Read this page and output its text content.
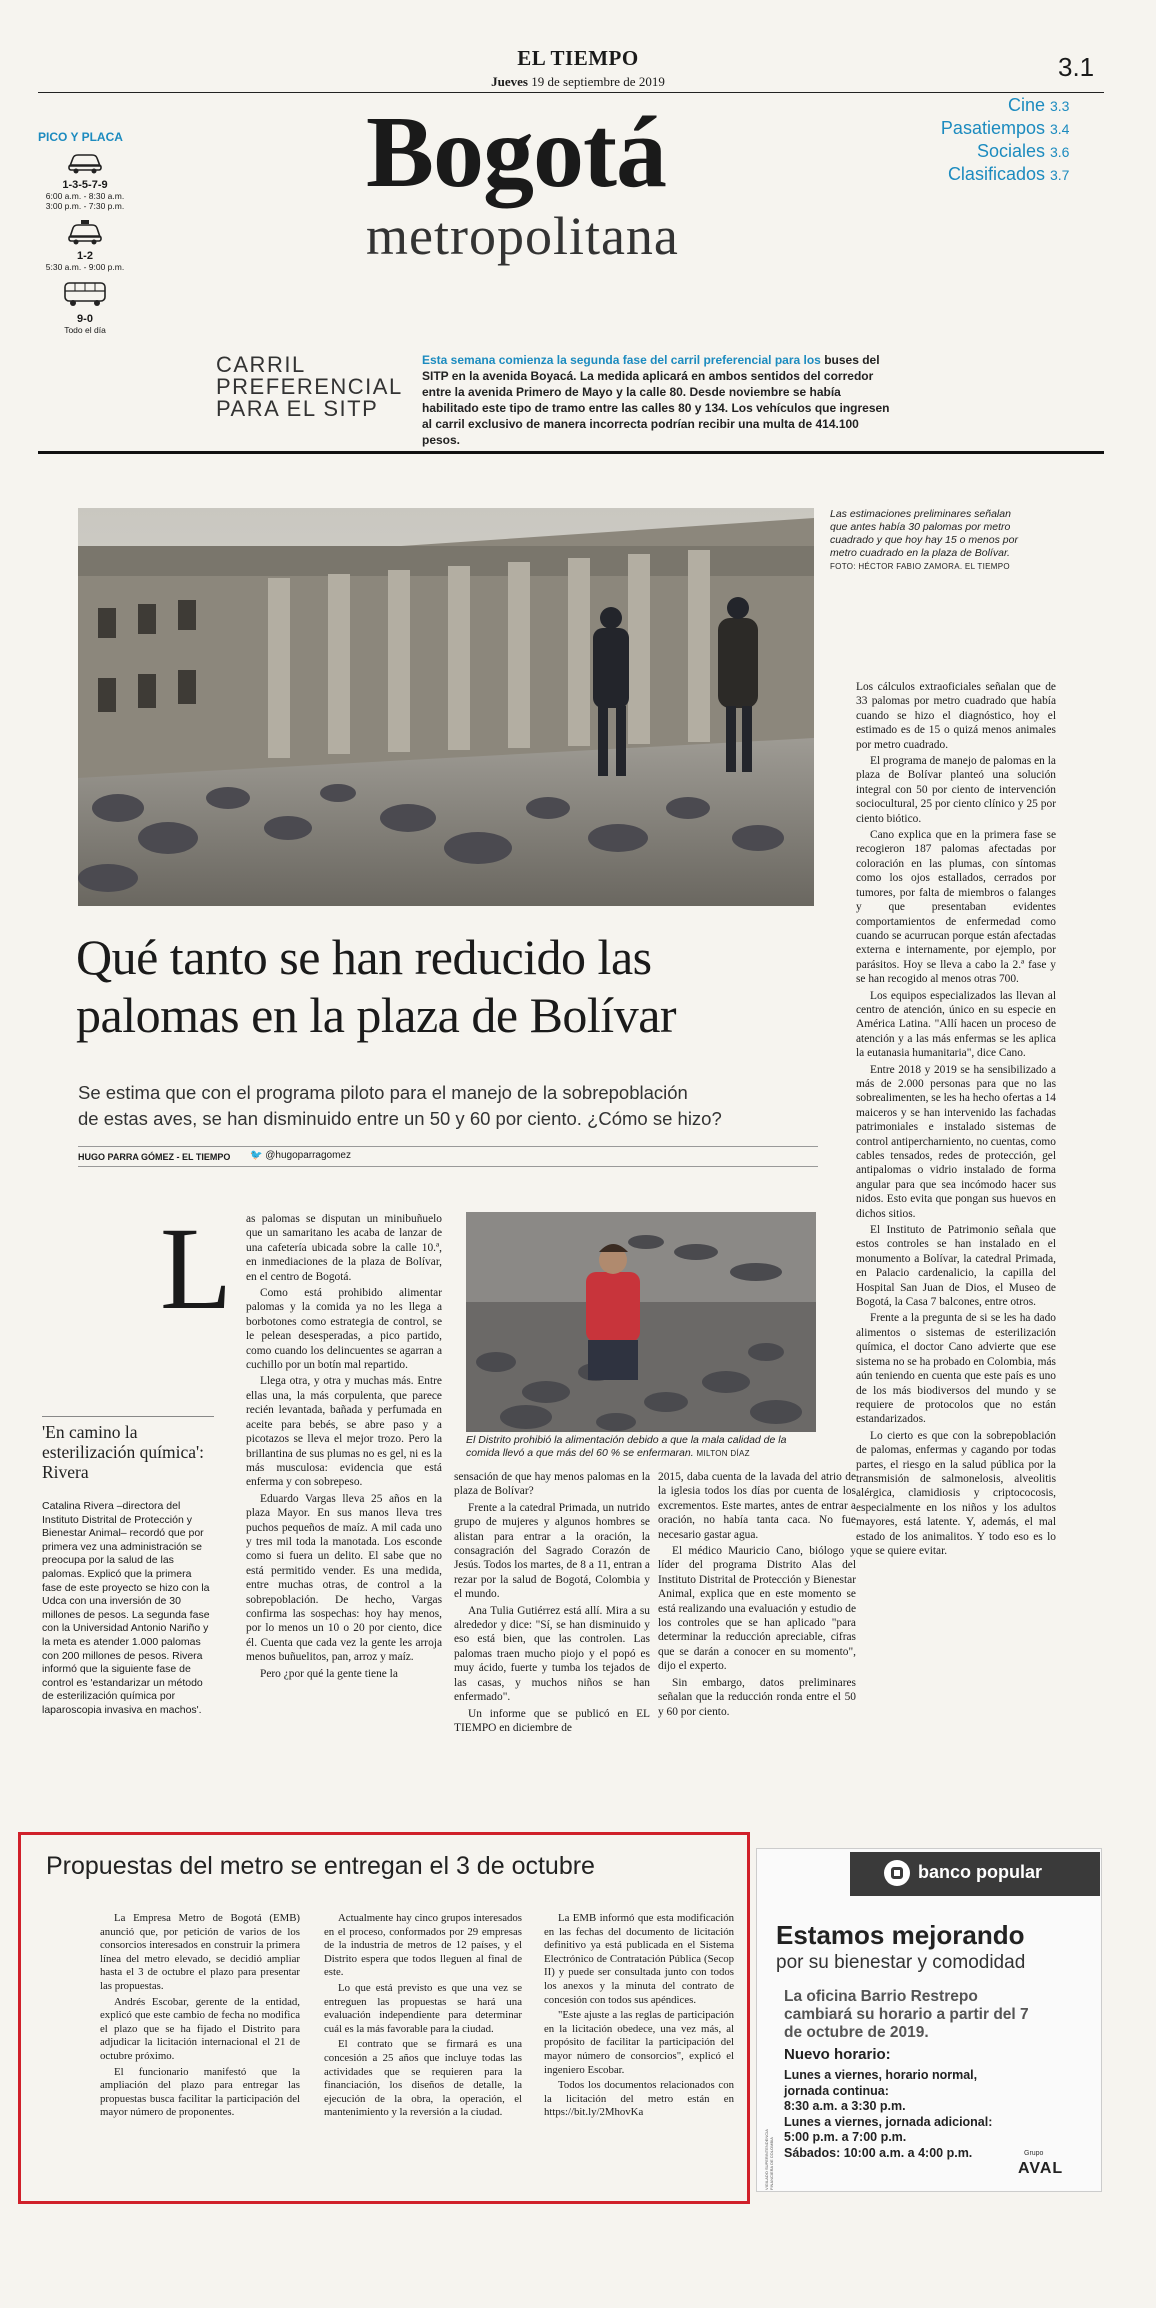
EL TIEMPO
Jueves 19 de septiembre de 2019	3.1
Bogotá
metropolitana
Cine 3.3
Pasatiempos 3.4
Sociales 3.6
Clasificados 3.7
PICO Y PLACA
1-3-5-7-9
6:00 a.m. - 8:30 a.m.
3:00 p.m. - 7:30 p.m.
1-2
5:30 a.m. - 9:00 p.m.
9-0
Todo el día
CARRIL
PREFERENCIAL
PARA EL SITP
Esta semana comienza la segunda fase del carril preferencial para los buses del SITP en la avenida Boyacá. La medida aplicará en ambos sentidos del corredor entre la avenida Primero de Mayo y la calle 80. Desde noviembre se había habilitado este tipo de tramo entre las calles 80 y 134. Los vehículos que ingresen al carril exclusivo de manera incorrecta podrían recibir una multa de 414.100 pesos.
Las estimaciones preliminares señalan que antes había 30 palomas por metro cuadrado y que hoy hay 15 o menos por metro cuadrado en la plaza de Bolívar. FOTO: HÉCTOR FABIO ZAMORA. EL TIEMPO
Qué tanto se han reducido las
palomas en la plaza de Bolívar
Se estima que con el programa piloto para el manejo de la sobrepoblación
de estas aves, se han disminuido entre un 50 y 60 por ciento. ¿Cómo se hizo?
HUGO PARRA GÓMEZ - EL TIEMPO 🐦 @hugoparragomez
L as palomas se disputan un minibuñuelo que un samaritano les acaba de lanzar de una cafetería ubicada sobre la calle 10.ª, en inmediaciones de la plaza de Bolívar, en el centro de Bogotá.

Como está prohibido alimentar palomas y la comida ya no les llega a borbotones como estrategia de control, se le pelean desesperadas, a pico partido, como cuando los delincuentes se agarran a cuchillo por un botín mal repartido.

Llega otra, y otra y muchas más. Entre ellas una, la más corpulenta, que parece recién levantada, bañada y perfumada en aceite para bebés, se abre paso y a picotazos se lleva el mejor trozo. Pero la brillantina de sus plumas no es gel, ni es la más musculosa: evidencia que está enferma y con sobrepeso.

Eduardo Vargas lleva 25 años en la plaza Mayor. En sus manos lleva tres puchos pequeños de maíz. A mil cada uno y tres mil toda la manotada. Los esconde como si fuera un delito. El sabe que no está permitido vender. Es una medida, entre muchas otras, de control a la sobrepoblación. De hecho, Vargas confirma las sospechas: hoy hay menos, por lo menos un 10 o 20 por ciento, dice él. Cuenta que cada vez la gente les arroja menos buñuelitos, pan, arroz y maíz.

Pero ¿por qué la gente tiene la

'En camino la esterilización química': Rivera
Catalina Rivera –directora del Instituto Distrital de Protección y Bienestar Animal– recordó que por primera vez una administración se preocupa por la salud de las palomas. Explicó que la primera fase de este proyecto se hizo con la Udca con una inversión de 30 millones de pesos. La segunda fase con la Universidad Antonio Nariño y la meta es atender 1.000 palomas con 200 millones de pesos. Rivera informó que la siguiente fase de control es 'estandarizar un método de esterilización química por laparoscopia invasiva en machos'.
El Distrito prohibió la alimentación debido a que la mala calidad de la comida llevó a que más del 60 % se enfermaran. MILTON DÍAZ

sensación de que hay menos palomas en la plaza de Bolívar?

Frente a la catedral Primada, un nutrido grupo de mujeres y algunos hombres se alistan para entrar a la oración, la consagración del Sagrado Corazón de Jesús. Todos los martes, de 8 a 11, entran a rezar por la salud de Bogotá, Colombia y el mundo.

Ana Tulia Gutiérrez está allí. Mira a su alrededor y dice: "Sí, se han disminuido y eso está bien, que las controlen. Las palomas traen mucho piojo y el popó es muy ácido, fuerte y tumba los tejados de las casas, y muchos niños se han enfermado".

Un informe que se publicó en EL TIEMPO en diciembre de

2015, daba cuenta de la lavada del atrio de la iglesia todos los días por cuenta de los excrementos. Este martes, antes de entrar a oración, no había tanta caca. No fue necesario gastar agua.

El médico Mauricio Cano, biólogo y líder del programa Distrito Alas del Instituto Distrital de Protección y Bienestar Animal, explica que en este momento se está realizando una evaluación y estudio de los controles que se han aplicado "para determinar la reducción apreciable, cifras que se darán a conocer en su momento", dijo el experto.

Sin embargo, datos preliminares señalan que la reducción ronda entre el 50 y 60 por ciento.

Los cálculos extraoficiales señalan que de 33 palomas por metro cuadrado que había cuando se hizo el diagnóstico, hoy el estimado es de 15 o quizá menos animales por metro cuadrado.

El programa de manejo de palomas en la plaza de Bolívar planteó una solución integral con 50 por ciento de intervención sociocultural, 25 por ciento clínico y 25 por ciento biótico.

Cano explica que en la primera fase se recogieron 187 palomas afectadas por coloración en las plumas, con síntomas como los ojos estallados, cerrados por tumores, por falta de miembros o falanges y que presentaban evidentes comportamientos de enfermedad como cuando se acurrucan porque están afectadas externa e internamente, por ejemplo, por parásitos. Hoy se lleva a cabo la 2.ª fase y se han recogido al menos otras 700.

Los equipos especializados las llevan al centro de atención, único en su especie en América Latina. "Allí hacen un proceso de atención y a las más enfermas se les aplica la eutanasia humanitaria", dice Cano.

Entre 2018 y 2019 se ha sensibilizado a más de 2.000 personas para que no las sobrealimenten, se les ha hecho ofertas a 14 maiceros y se han intervenido las fachadas patrimoniales e instalado sistemas de control antipercharniento, no cuentas, como cables tensados, redes de protección, gel antipalomas o vidrio instalado de forma angular para que sea incómodo hacer sus nidos. Esto evita que pongan sus huevos en dichos sitios.

El Instituto de Patrimonio señala que estos controles se han instalado en el monumento a Bolívar, la catedral Primada, en Palacio cardenalicio, la capilla del Hospital San Juan de Dios, el Museo de Bogotá, la Casa 7 balcones, entre otros.

Frente a la pregunta de si se les ha dado alimentos o sistemas de esterilización química, el doctor Cano advierte que ese sistema no se ha probado en Colombia, más aún teniendo en cuenta que este país es uno de los más biodiversos del mundo y se requiere de protocolos que no están estandarizados.

Lo cierto es que con la sobrepoblación de palomas, enfermas y cagando por todas partes, el riesgo en la salud pública por la transmisión de salmonelosis, alveolitis alérgica, clamidiosis y criptococosis, especialmente en los niños y los adultos mayores, está latente. Y, además, el mal estado de los animalitos. Y todo eso es lo que se quiere evitar.

Propuestas del metro se entregan el 3 de octubre

La Empresa Metro de Bogotá (EMB) anunció que, por petición de varios de los consorcios interesados en construir la primera línea del metro elevado, se decidió ampliar hasta el 3 de octubre el plazo para presentar las propuestas.

Andrés Escobar, gerente de la entidad, explicó que este cambio de fecha no modifica el plazo que se ha fijado el Distrito para adjudicar la licitación internacional el 21 de octubre próximo.

El funcionario manifestó que la ampliación del plazo para entregar las propuestas busca facilitar la participación del mayor número de proponentes.

Actualmente hay cinco grupos interesados en el proceso, conformados por 29 empresas de la industria de metros de 12 países, y el Distrito espera que todos lleguen al final de este.

Lo que está previsto es que una vez se entreguen las propuestas se hará una evaluación independiente para determinar cuál es la más favorable para la ciudad.

El contrato que se firmará es una concesión a 25 años que incluye todas las actividades que se requieren para la financiación, los diseños de detalle, la ejecución de la obra, la operación, el mantenimiento y la reversión a la ciudad.

La EMB informó que esta modificación en las fechas del documento de licitación definitivo ya está publicada en el Sistema Electrónico de Contratación Pública (Secop II) y puede ser consultada junto con todos los anexos y la minuta del contrato de concesión con todos sus apéndices.

"Este ajuste a las reglas de participación en la licitación obedece, una vez más, al propósito de facilitar la participación del mayor número de consorcios", explicó el ingeniero Escobar.

Todos los documentos relacionados con la licitación del metro están en https://bit.ly/2MhovKa

banco popular
Estamos mejorando
por su bienestar y comodidad
La oficina Barrio Restrepo
cambiará su horario a partir del 7
de octubre de 2019.
Nuevo horario:
Lunes a viernes, horario normal,
jornada continua:
8:30 a.m. a 3:30 p.m.
Lunes a viernes, jornada adicional:
5:00 p.m. a 7:00 p.m.
Sábados: 10:00 a.m. a 4:00 p.m.
VIGILADO SUPERINTENDENCIA FINANCIERA DE COLOMBIA	Grupo
AVAL
